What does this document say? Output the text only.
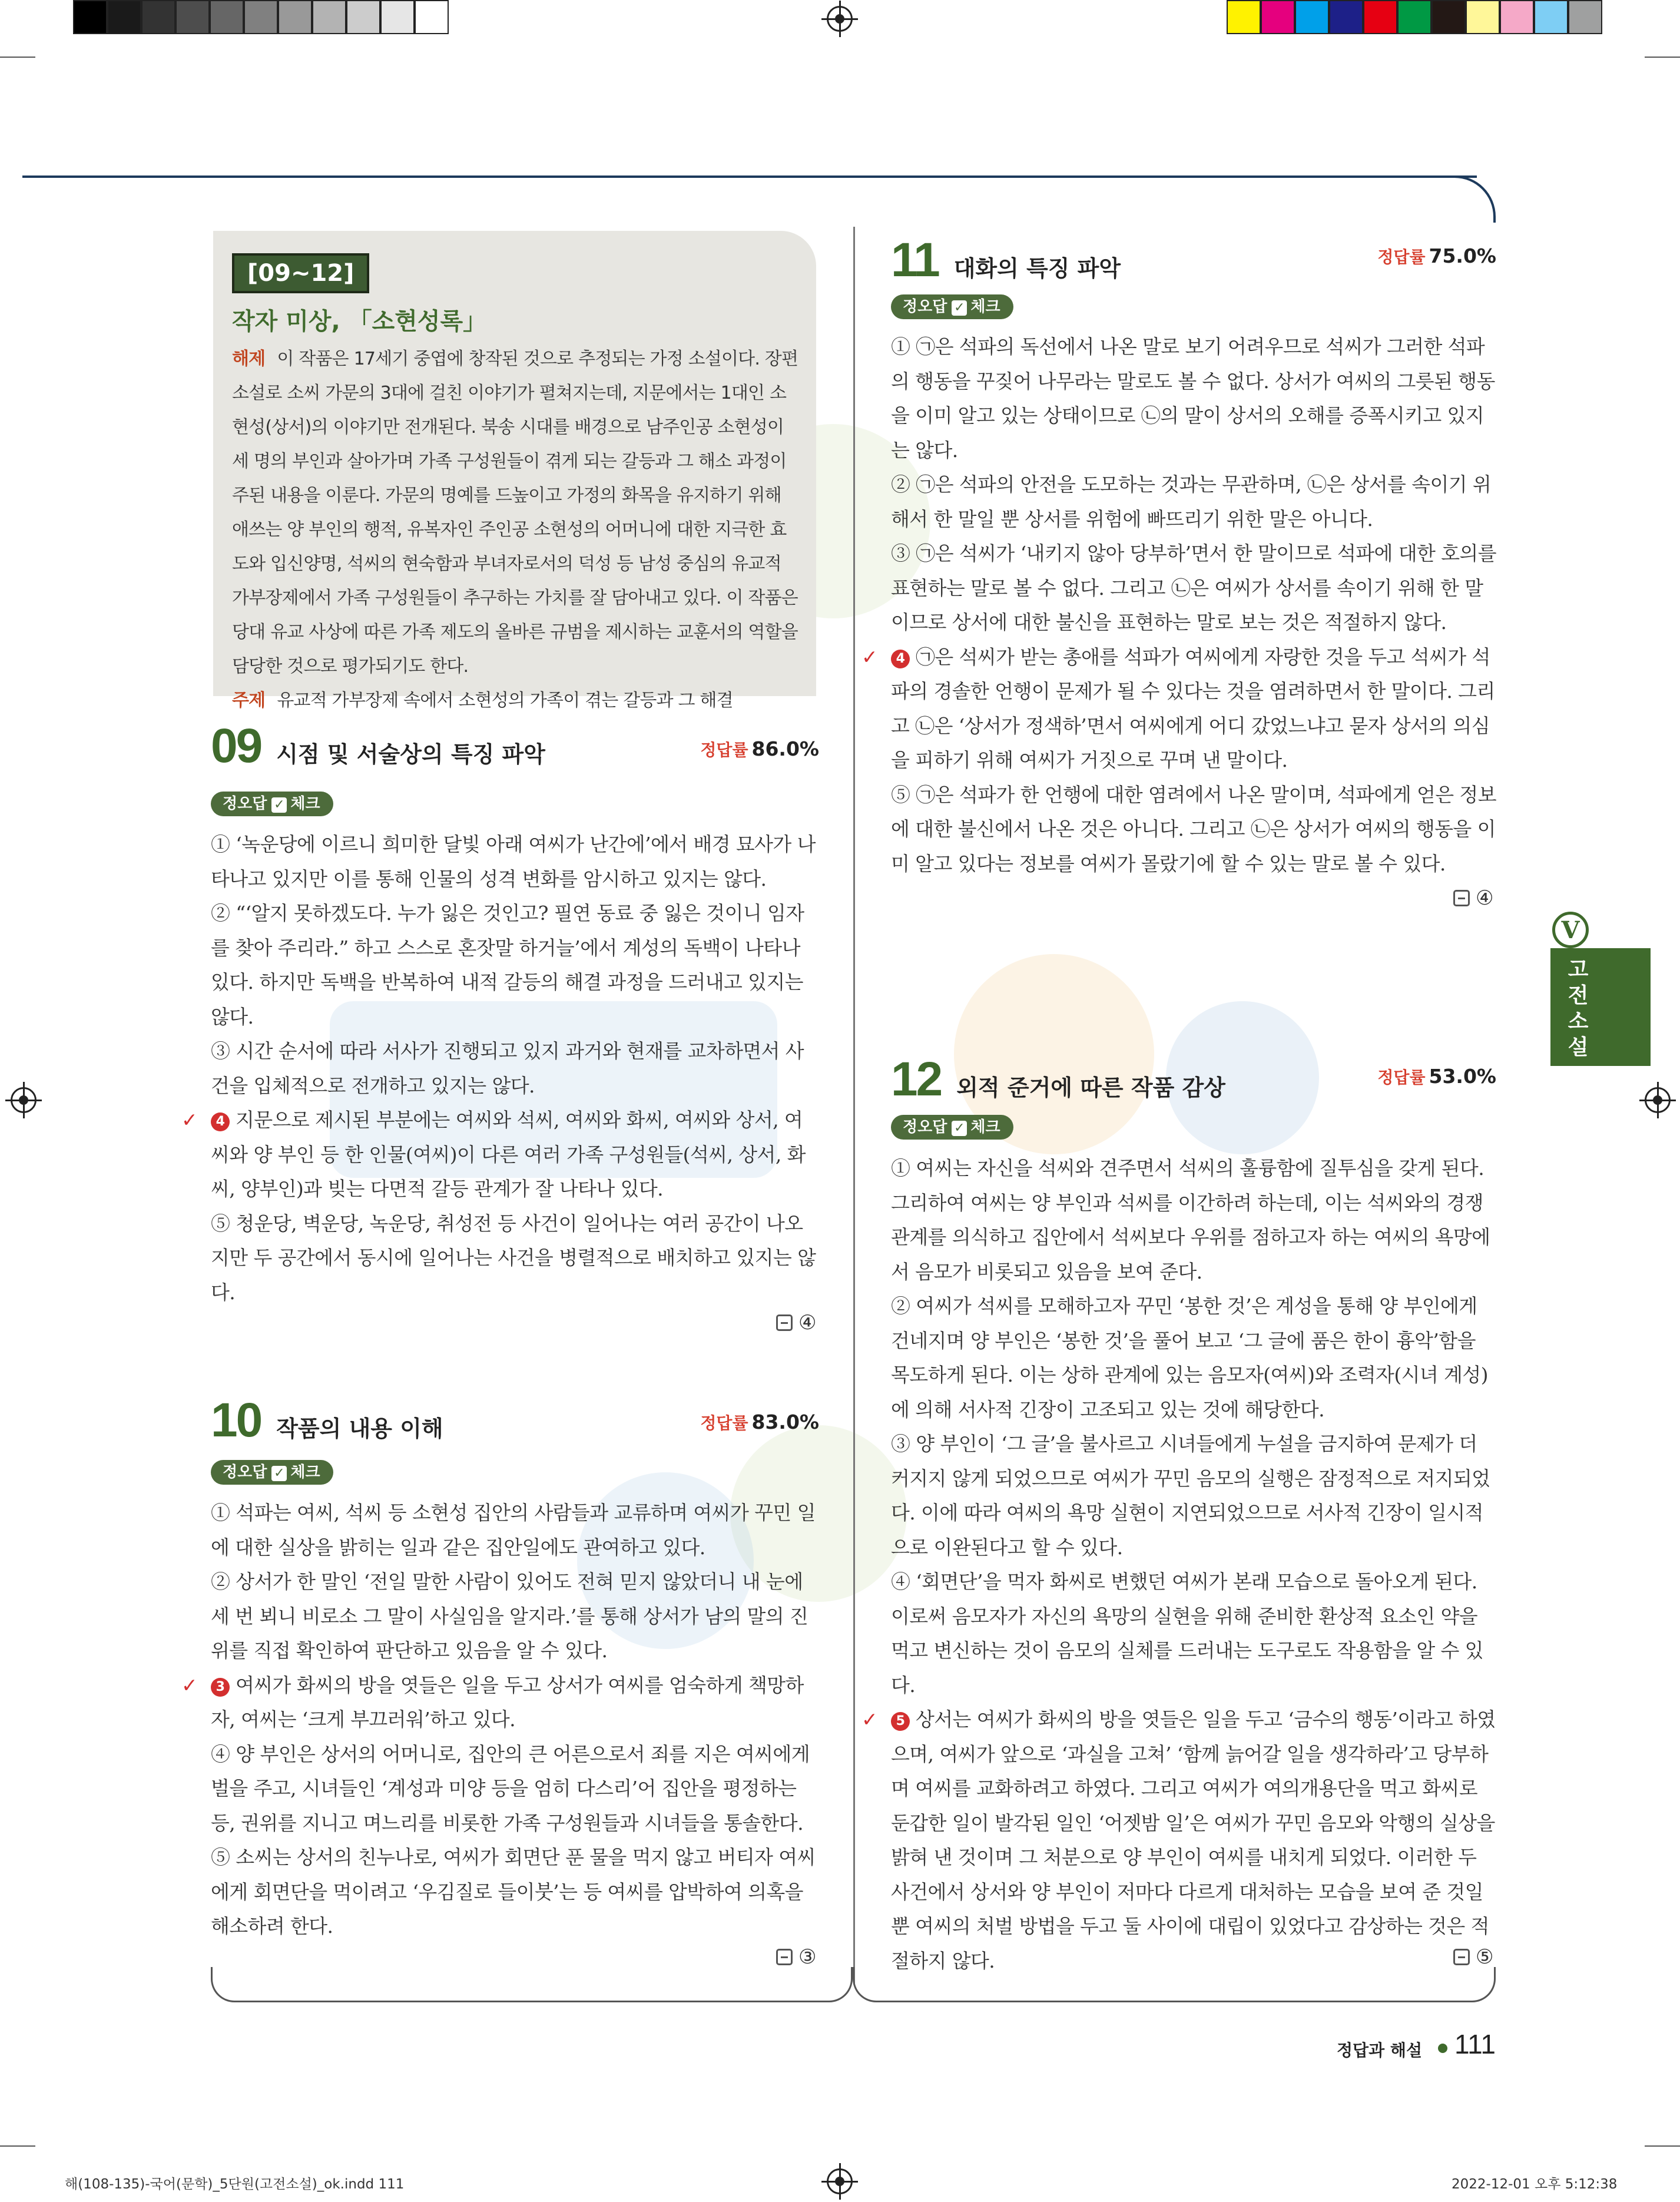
[09~12]
작자 미상, 「소현성록」
해제 이 작품은 17세기 중엽에 창작된 것으로 추정되는 가정 소설이다. 장편 소설로 소씨 가문의 3대에 걸친 이야기가 펼쳐지는데, 지문에서는 1대인 소현성(상서)의 이야기만 전개된다. 북송 시대를 배경으로 남주인공 소현성이 세 명의 부인과 살아가며 가족 구성원들이 겪게 되는 갈등과 그 해소 과정이 주된 내용을 이룬다. 가문의 명예를 드높이고 가정의 화목을 유지하기 위해 애쓰는 양 부인의 행적, 유복자인 주인공 소현성의 어머니에 대한 지극한 효도와 입신양명, 석씨의 현숙함과 부녀자로서의 덕성 등 남성 중심의 유교적 가부장제에서 가족 구성원들이 추구하는 가치를 잘 담아내고 있다. 이 작품은 당대 유교 사상에 따른 가족 제도의 올바른 규범을 제시하는 교훈서의 역할을 담당한 것으로 평가되기도 한다.
주제 유교적 가부장제 속에서 소현성의 가족이 겪는 갈등과 그 해결
09 시점 및 서술상의 특징 파악	정답률 86.0%
정오답 ✓ 체크

① ‘녹운당에 이르니 희미한 달빛 아래 여씨가 난간에’에서 배경 묘사가 나타나고 있지만 이를 통해 인물의 성격 변화를 암시하고 있지는 않다.

② “‘알지 못하겠도다. 누가 잃은 것인고? 필연 동료 중 잃은 것이니 임자를 찾아 주리라.” 하고 스스로 혼잣말 하거늘’에서 계성의 독백이 나타나 있다. 하지만 독백을 반복하여 내적 갈등의 해결 과정을 드러내고 있지는 않다.

③ 시간 순서에 따라 서사가 진행되고 있지 과거와 현재를 교차하면서 사건을 입체적으로 전개하고 있지는 않다.

✓ 4 지문으로 제시된 부분에는 여씨와 석씨, 여씨와 화씨, 여씨와 상서, 여씨와 양 부인 등 한 인물(여씨)이 다른 여러 가족 구성원들(석씨, 상서, 화씨, 양부인)과 빚는 다면적 갈등 관계가 잘 나타나 있다.

⑤ 청운당, 벽운당, 녹운당, 취성전 등 사건이 일어나는 여러 공간이 나오지만 두 공간에서 동시에 일어나는 사건을 병렬적으로 배치하고 있지는 않다.

④
10 작품의 내용 이해	정답률 83.0%
정오답 ✓ 체크

① 석파는 여씨, 석씨 등 소현성 집안의 사람들과 교류하며 여씨가 꾸민 일에 대한 실상을 밝히는 일과 같은 집안일에도 관여하고 있다.

② 상서가 한 말인 ‘전일 말한 사람이 있어도 전혀 믿지 않았더니 내 눈에 세 번 뵈니 비로소 그 말이 사실임을 알지라.’를 통해 상서가 남의 말의 진위를 직접 확인하여 판단하고 있음을 알 수 있다.

✓ 3 여씨가 화씨의 방을 엿들은 일을 두고 상서가 여씨를 엄숙하게 책망하자, 여씨는 ‘크게 부끄러워’하고 있다.

④ 양 부인은 상서의 어머니로, 집안의 큰 어른으로서 죄를 지은 여씨에게 벌을 주고, 시녀들인 ‘계성과 미양 등을 엄히 다스리’어 집안을 평정하는 등, 권위를 지니고 며느리를 비롯한 가족 구성원들과 시녀들을 통솔한다.

⑤ 소씨는 상서의 친누나로, 여씨가 회면단 푼 물을 먹지 않고 버티자 여씨에게 회면단을 먹이려고 ‘우김질로 들이붓’는 등 여씨를 압박하여 의혹을 해소하려 한다.

③
11 대화의 특징 파악	정답률 75.0%
정오답 ✓ 체크

① ㉠은 석파의 독선에서 나온 말로 보기 어려우므로 석씨가 그러한 석파의 행동을 꾸짖어 나무라는 말로도 볼 수 없다. 상서가 여씨의 그릇된 행동을 이미 알고 있는 상태이므로 ㉡의 말이 상서의 오해를 증폭시키고 있지는 않다.

② ㉠은 석파의 안전을 도모하는 것과는 무관하며, ㉡은 상서를 속이기 위해서 한 말일 뿐 상서를 위험에 빠뜨리기 위한 말은 아니다.

③ ㉠은 석씨가 ‘내키지 않아 당부하’면서 한 말이므로 석파에 대한 호의를 표현하는 말로 볼 수 없다. 그리고 ㉡은 여씨가 상서를 속이기 위해 한 말이므로 상서에 대한 불신을 표현하는 말로 보는 것은 적절하지 않다.

✓ 4 ㉠은 석씨가 받는 총애를 석파가 여씨에게 자랑한 것을 두고 석씨가 석파의 경솔한 언행이 문제가 될 수 있다는 것을 염려하면서 한 말이다. 그리고 ㉡은 ‘상서가 정색하’면서 여씨에게 어디 갔었느냐고 묻자 상서의 의심을 피하기 위해 여씨가 거짓으로 꾸며 낸 말이다.

⑤ ㉠은 석파가 한 언행에 대한 염려에서 나온 말이며, 석파에게 얻은 정보에 대한 불신에서 나온 것은 아니다. 그리고 ㉡은 상서가 여씨의 행동을 이미 알고 있다는 정보를 여씨가 몰랐기에 할 수 있는 말로 볼 수 있다.

④
12 외적 준거에 따른 작품 감상	정답률 53.0%
정오답 ✓ 체크

① 여씨는 자신을 석씨와 견주면서 석씨의 훌륭함에 질투심을 갖게 된다. 그리하여 여씨는 양 부인과 석씨를 이간하려 하는데, 이는 석씨와의 경쟁 관계를 의식하고 집안에서 석씨보다 우위를 점하고자 하는 여씨의 욕망에서 음모가 비롯되고 있음을 보여 준다.

② 여씨가 석씨를 모해하고자 꾸민 ‘봉한 것’은 계성을 통해 양 부인에게 건네지며 양 부인은 ‘봉한 것’을 풀어 보고 ‘그 글에 품은 한이 흉악’함을 목도하게 된다. 이는 상하 관계에 있는 음모자(여씨)와 조력자(시녀 계성)에 의해 서사적 긴장이 고조되고 있는 것에 해당한다.

③ 양 부인이 ‘그 글’을 불사르고 시녀들에게 누설을 금지하여 문제가 더 커지지 않게 되었으므로 여씨가 꾸민 음모의 실행은 잠정적으로 저지되었다. 이에 따라 여씨의 욕망 실현이 지연되었으므로 서사적 긴장이 일시적으로 이완된다고 할 수 있다.

④ ‘회면단’을 먹자 화씨로 변했던 여씨가 본래 모습으로 돌아오게 된다. 이로써 음모자가 자신의 욕망의 실현을 위해 준비한 환상적 요소인 약을 먹고 변신하는 것이 음모의 실체를 드러내는 도구로도 작용함을 알 수 있다.

✓ 5 상서는 여씨가 화씨의 방을 엿들은 일을 두고 ‘금수의 행동’이라고 하였으며, 여씨가 앞으로 ‘과실을 고쳐’ ‘함께 늙어갈 일을 생각하라’고 당부하며 여씨를 교화하려고 하였다. 그리고 여씨가 여의개용단을 먹고 화씨로 둔갑한 일이 발각된 일인 ‘어젯밤 일’은 여씨가 꾸민 음모와 악행의 실상을 밝혀 낸 것이며 그 처분으로 양 부인이 여씨를 내치게 되었다. 이러한 두 사건에서 상서와 양 부인이 저마다 다르게 대처하는 모습을 보여 준 것일 뿐 여씨의 처벌 방법을 두고 둘 사이에 대립이 있었다고 감상하는 것은 적절하지 않다.	⑤
V
고전소설
정답과 해설 111
해(108-135)-국어(문학)_5단원(고전소설)_ok.indd 111	2022-12-01 오후 5:12:38
